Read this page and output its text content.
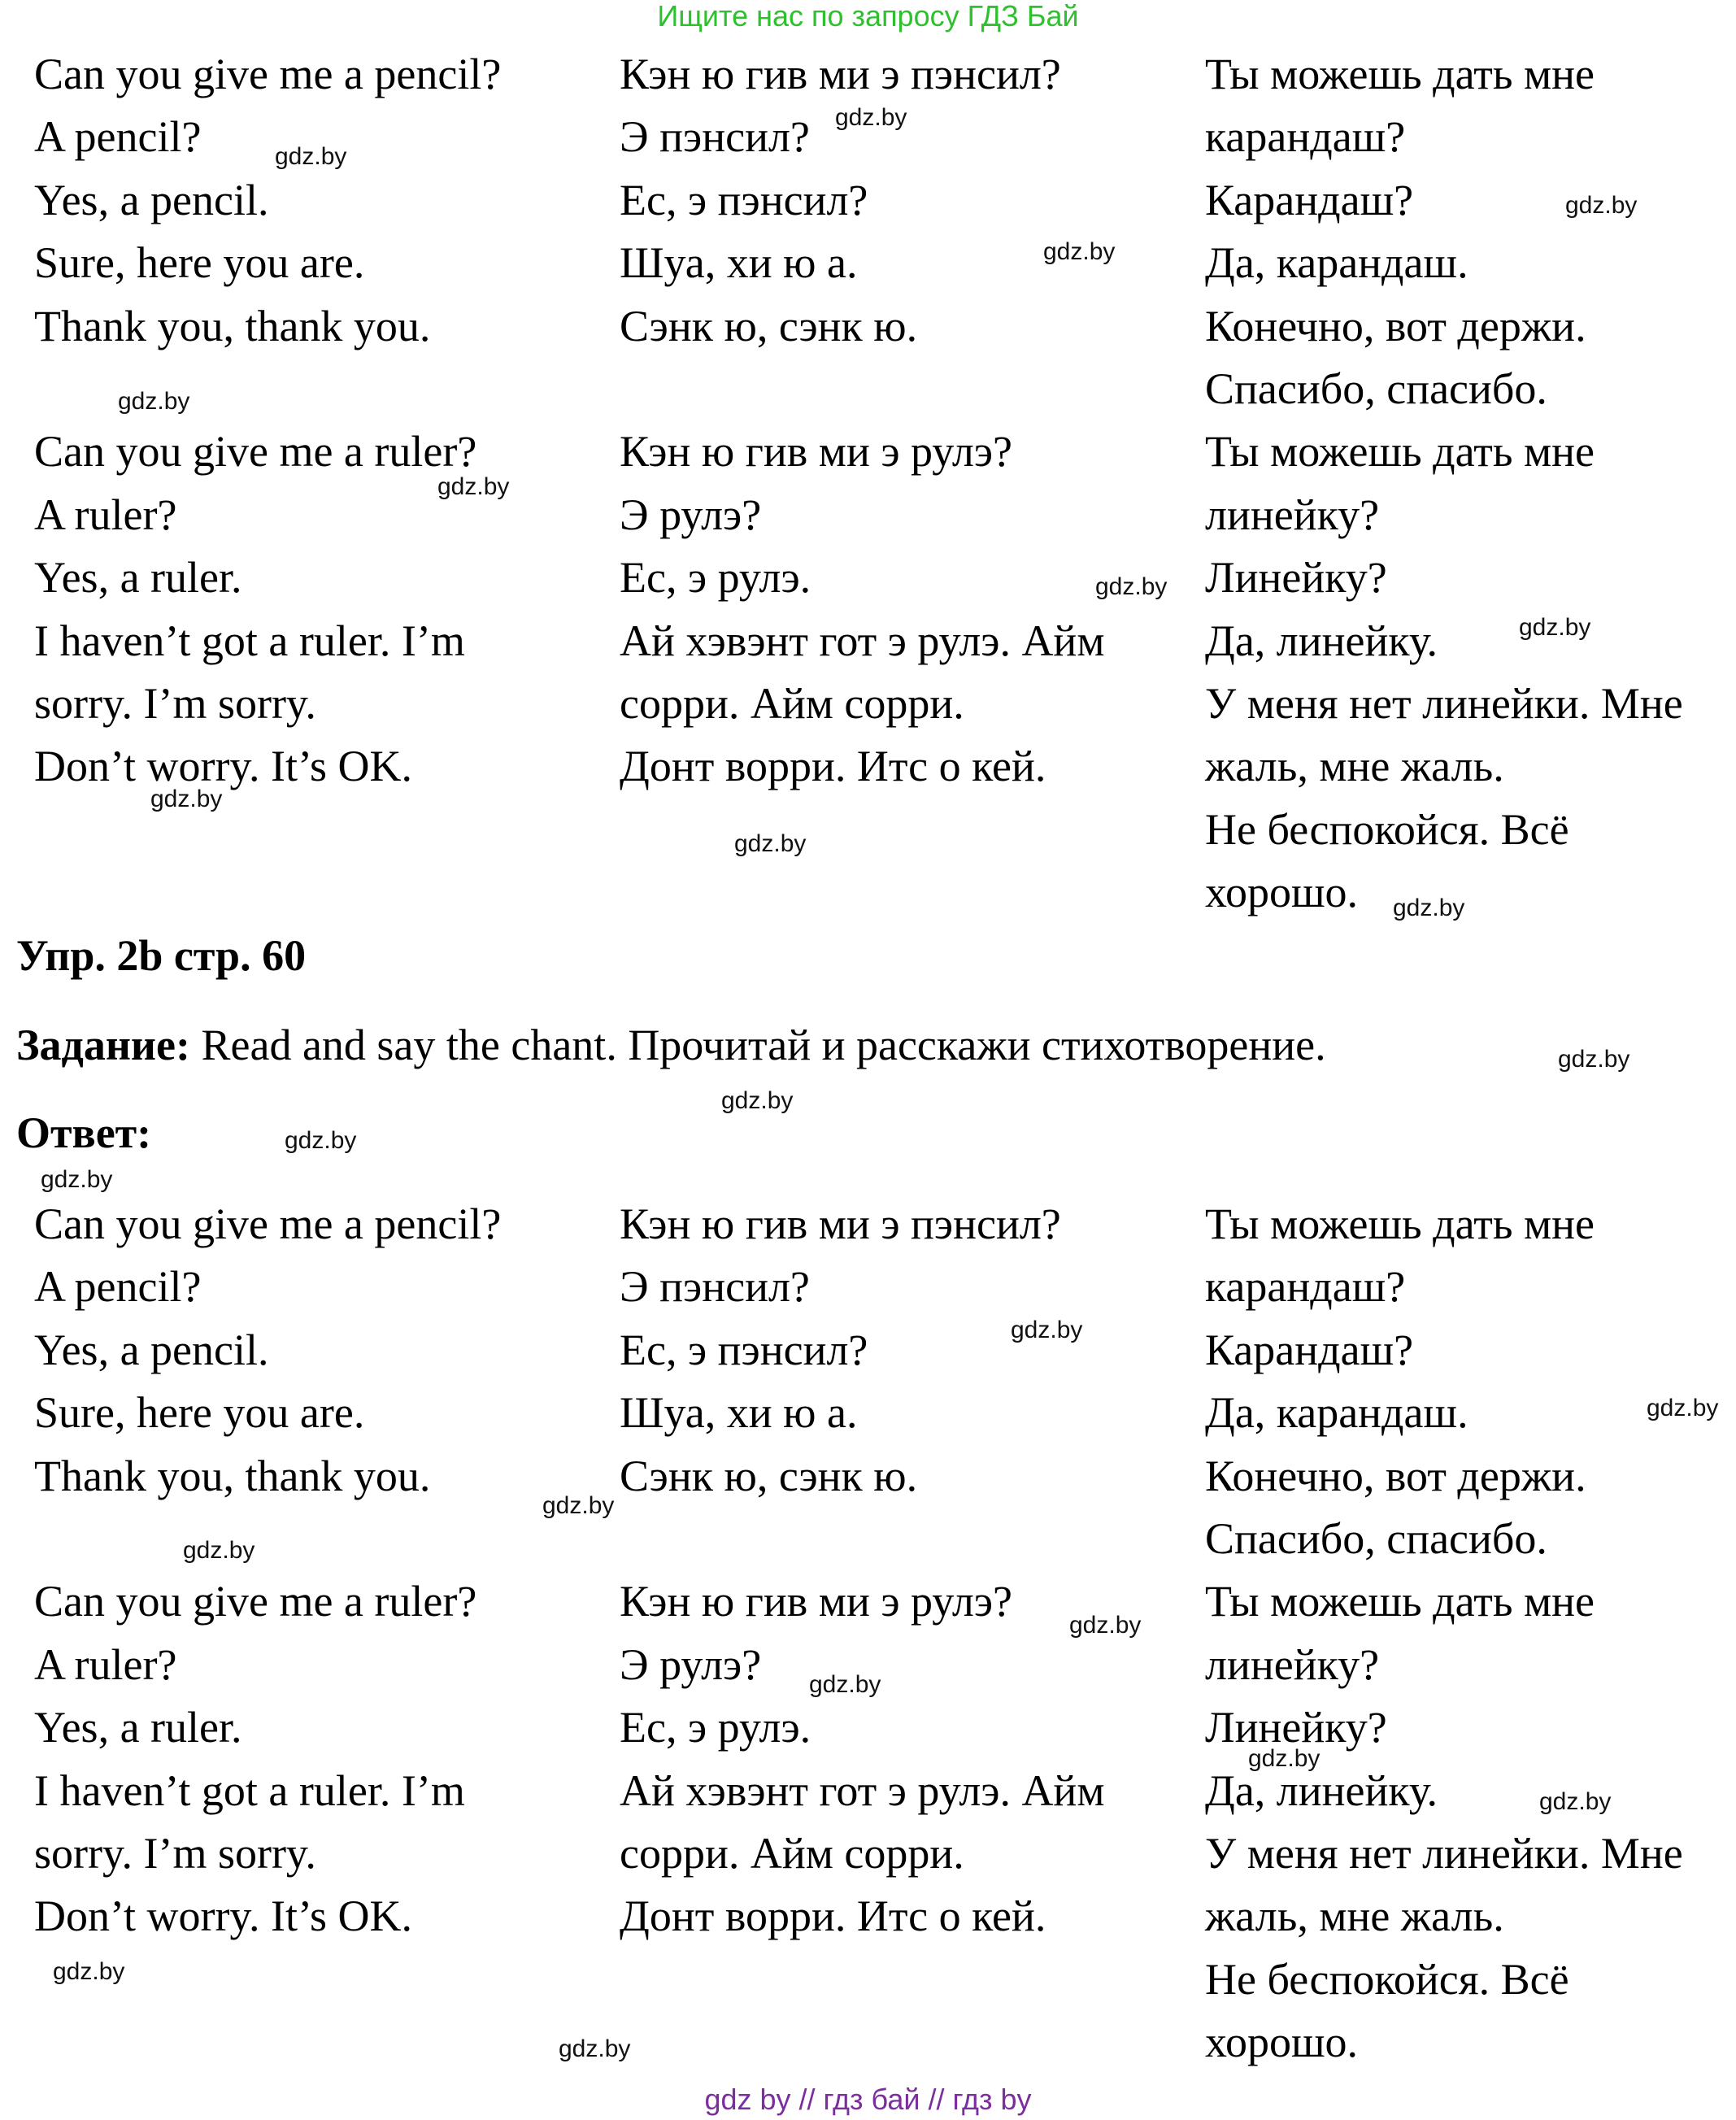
Ищите нас по запросу ГДЗ Бай
Can you give me a pencil?
A pencil?
Yes, a pencil.
Sure, here you are.
Thank you, thank you.

Can you give me a ruler?
A ruler?
Yes, a ruler.
I haven’t got a ruler. I’m
sorry. I’m sorry.
Don’t worry. It’s OK.
Кэн ю гив ми э пэнсил?
Э пэнсил?
Ес, э пэнсил?
Шуа, хи ю а.
Сэнк ю, сэнк ю.

Кэн ю гив ми э рулэ?
Э рулэ?
Ес, э рулэ.
Ай хэвэнт гот э рулэ. Айм
сорри. Айм сорри.
Донт ворри. Итс о кей.
Ты можешь дать мне
карандаш?
Карандаш?
Да, карандаш.
Конечно, вот держи.
Спасибо, спасибо.
Ты можешь дать мне
линейку?
Линейку?
Да, линейку.
У меня нет линейки. Мне
жаль, мне жаль.
Не беспокойся. Всё
хорошо.
Упр. 2b стр. 60
Задание: Read and say the chant. Прочитай и расскажи стихотворение.
Ответ:
Can you give me a pencil?
A pencil?
Yes, a pencil.
Sure, here you are.
Thank you, thank you.

Can you give me a ruler?
A ruler?
Yes, a ruler.
I haven’t got a ruler. I’m
sorry. I’m sorry.
Don’t worry. It’s OK.
Кэн ю гив ми э пэнсил?
Э пэнсил?
Ес, э пэнсил?
Шуа, хи ю а.
Сэнк ю, сэнк ю.

Кэн ю гив ми э рулэ?
Э рулэ?
Ес, э рулэ.
Ай хэвэнт гот э рулэ. Айм
сорри. Айм сорри.
Донт ворри. Итс о кей.
Ты можешь дать мне
карандаш?
Карандаш?
Да, карандаш.
Конечно, вот держи.
Спасибо, спасибо.
Ты можешь дать мне
линейку?
Линейку?
Да, линейку.
У меня нет линейки. Мне
жаль, мне жаль.
Не беспокойся. Всё
хорошо.
gdz.by
gdz.by
gdz.by
gdz.by
gdz.by
gdz.by
gdz.by
gdz.by
gdz.by
gdz.by
gdz.by
gdz.by
gdz.by
gdz.by
gdz.by
gdz.by
gdz.by
gdz.by
gdz.by
gdz.by
gdz.by
gdz.by
gdz.by
gdz.by
gdz.by
gdz by // гдз бай // гдз by
